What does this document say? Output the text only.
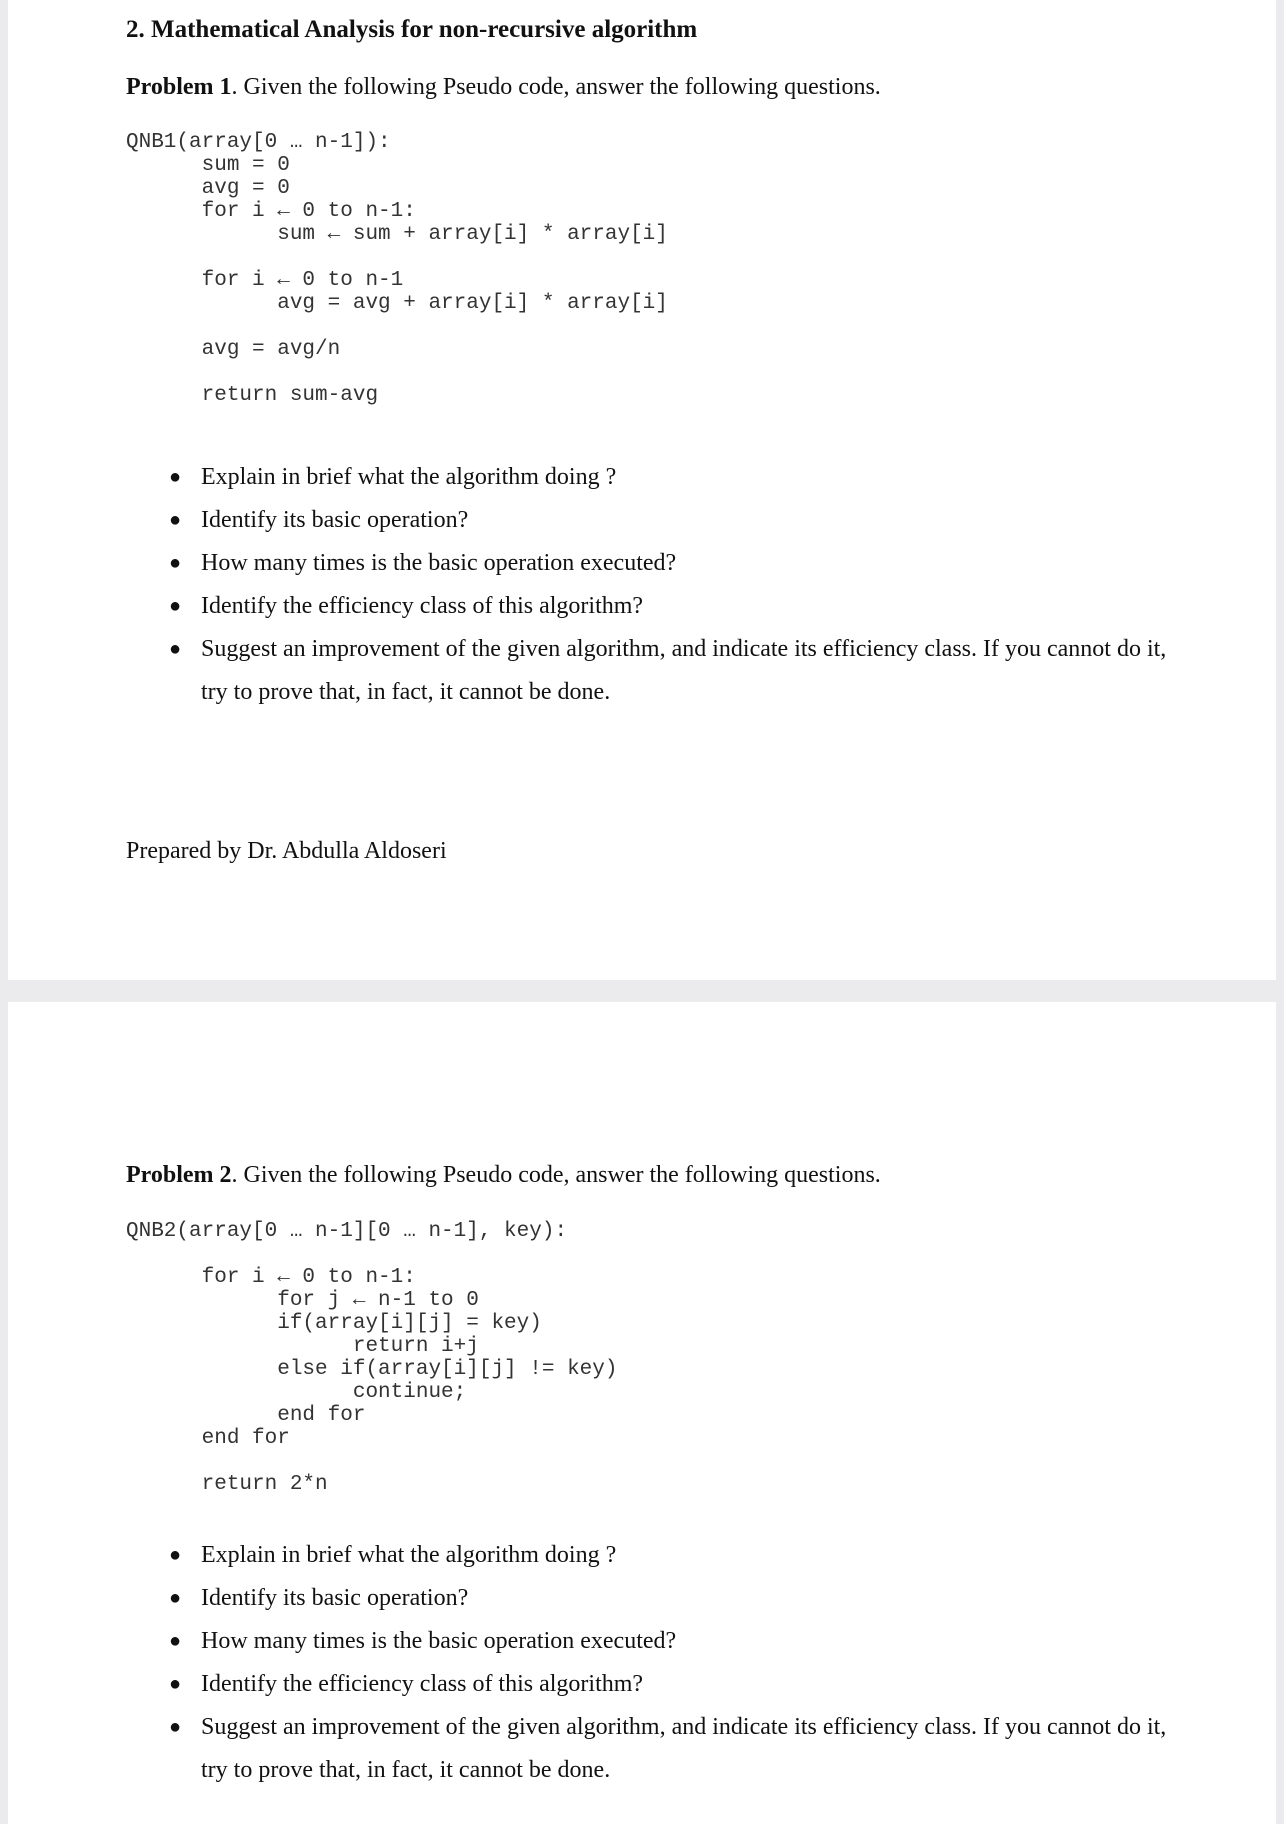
2. Mathematical Analysis for non-recursive algorithm

Problem 1. Given the following Pseudo code, answer the following questions.

QNB1(array[0 … n-1]):
sum = 0
avg = 0
for i ← 0 to n-1:
sum ← sum + array[i] * array[i]

for i ← 0 to n-1
avg = avg + array[i] * array[i]

avg = avg/n

return sum-avg
● Explain in brief what the algorithm doing ?
● Identify its basic operation?
● How many times is the basic operation executed?
● Identify the efficiency class of this algorithm?
● Suggest an improvement of the given algorithm, and indicate its efficiency class. If you cannot do it, try to prove that, in fact, it cannot be done.

Prepared by Dr. Abdulla Aldoseri

Problem 2. Given the following Pseudo code, answer the following questions.

QNB2(array[0 … n-1][0 … n-1], key):

for i ← 0 to n-1:
for j ← n-1 to 0
if(array[i][j] = key)
return i+j
else if(array[i][j] != key)
continue;
end for
end for

return 2*n
● Explain in brief what the algorithm doing ?
● Identify its basic operation?
● How many times is the basic operation executed?
● Identify the efficiency class of this algorithm?
● Suggest an improvement of the given algorithm, and indicate its efficiency class. If you cannot do it, try to prove that, in fact, it cannot be done.
